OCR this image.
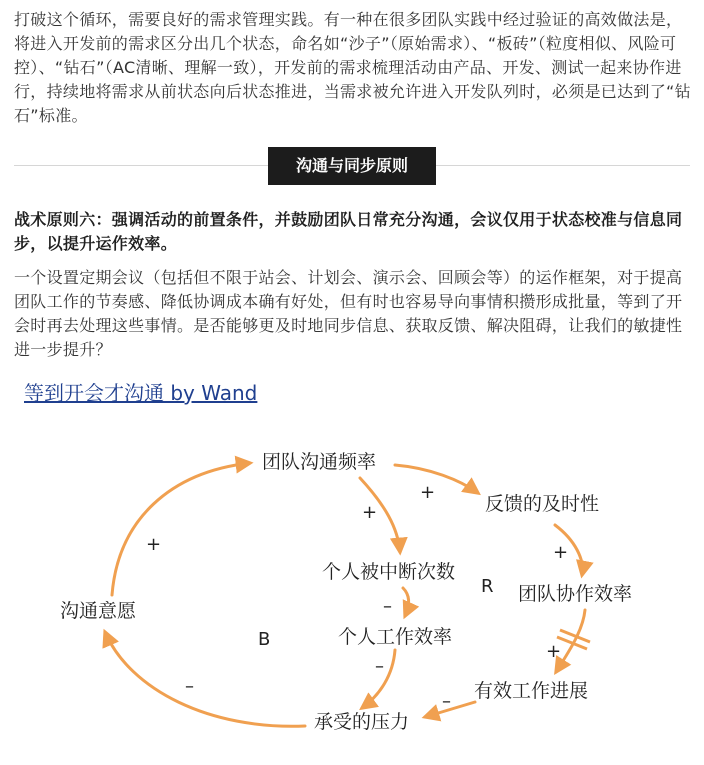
打破这个循环，需要良好的需求管理实践。有一种在很多团队实践中经过验证的高效做法是，将进入开发前的需求区分出几个状态，命名如“沙子”（原始需求）、“板砖”（粒度相似、风险可控）、“钻石”（AC清晰、理解一致），开发前的需求梳理活动由产品、开发、测试一起来协作进行，持续地将需求从前状态向后状态推进，当需求被允许进入开发队列时，必须是已达到了“钻石”标准。

沟通与同步原则

战术原则六：强调活动的前置条件，并鼓励团队日常充分沟通，会议仅用于状态校准与信息同步，以提升运作效率。

一个设置定期会议（包括但不限于站会、计划会、演示会、回顾会等）的运作框架，对于提高团队工作的节奏感、降低协调成本确有好处，但有时也容易导向事情积攒形成批量，等到了开会时再去处理这些事情。是否能够更及时地同步信息、获取反馈、解决阻碍，让我们的敏捷性进一步提升？

等到开会才沟通 by Wand
团队沟通频率
反馈的及时性
个人被中断次数
个人工作效率
团队协作效率
有效工作进展
承受的压力
沟通意愿
+
+
+
–
–
+
–
–
+
B
R
